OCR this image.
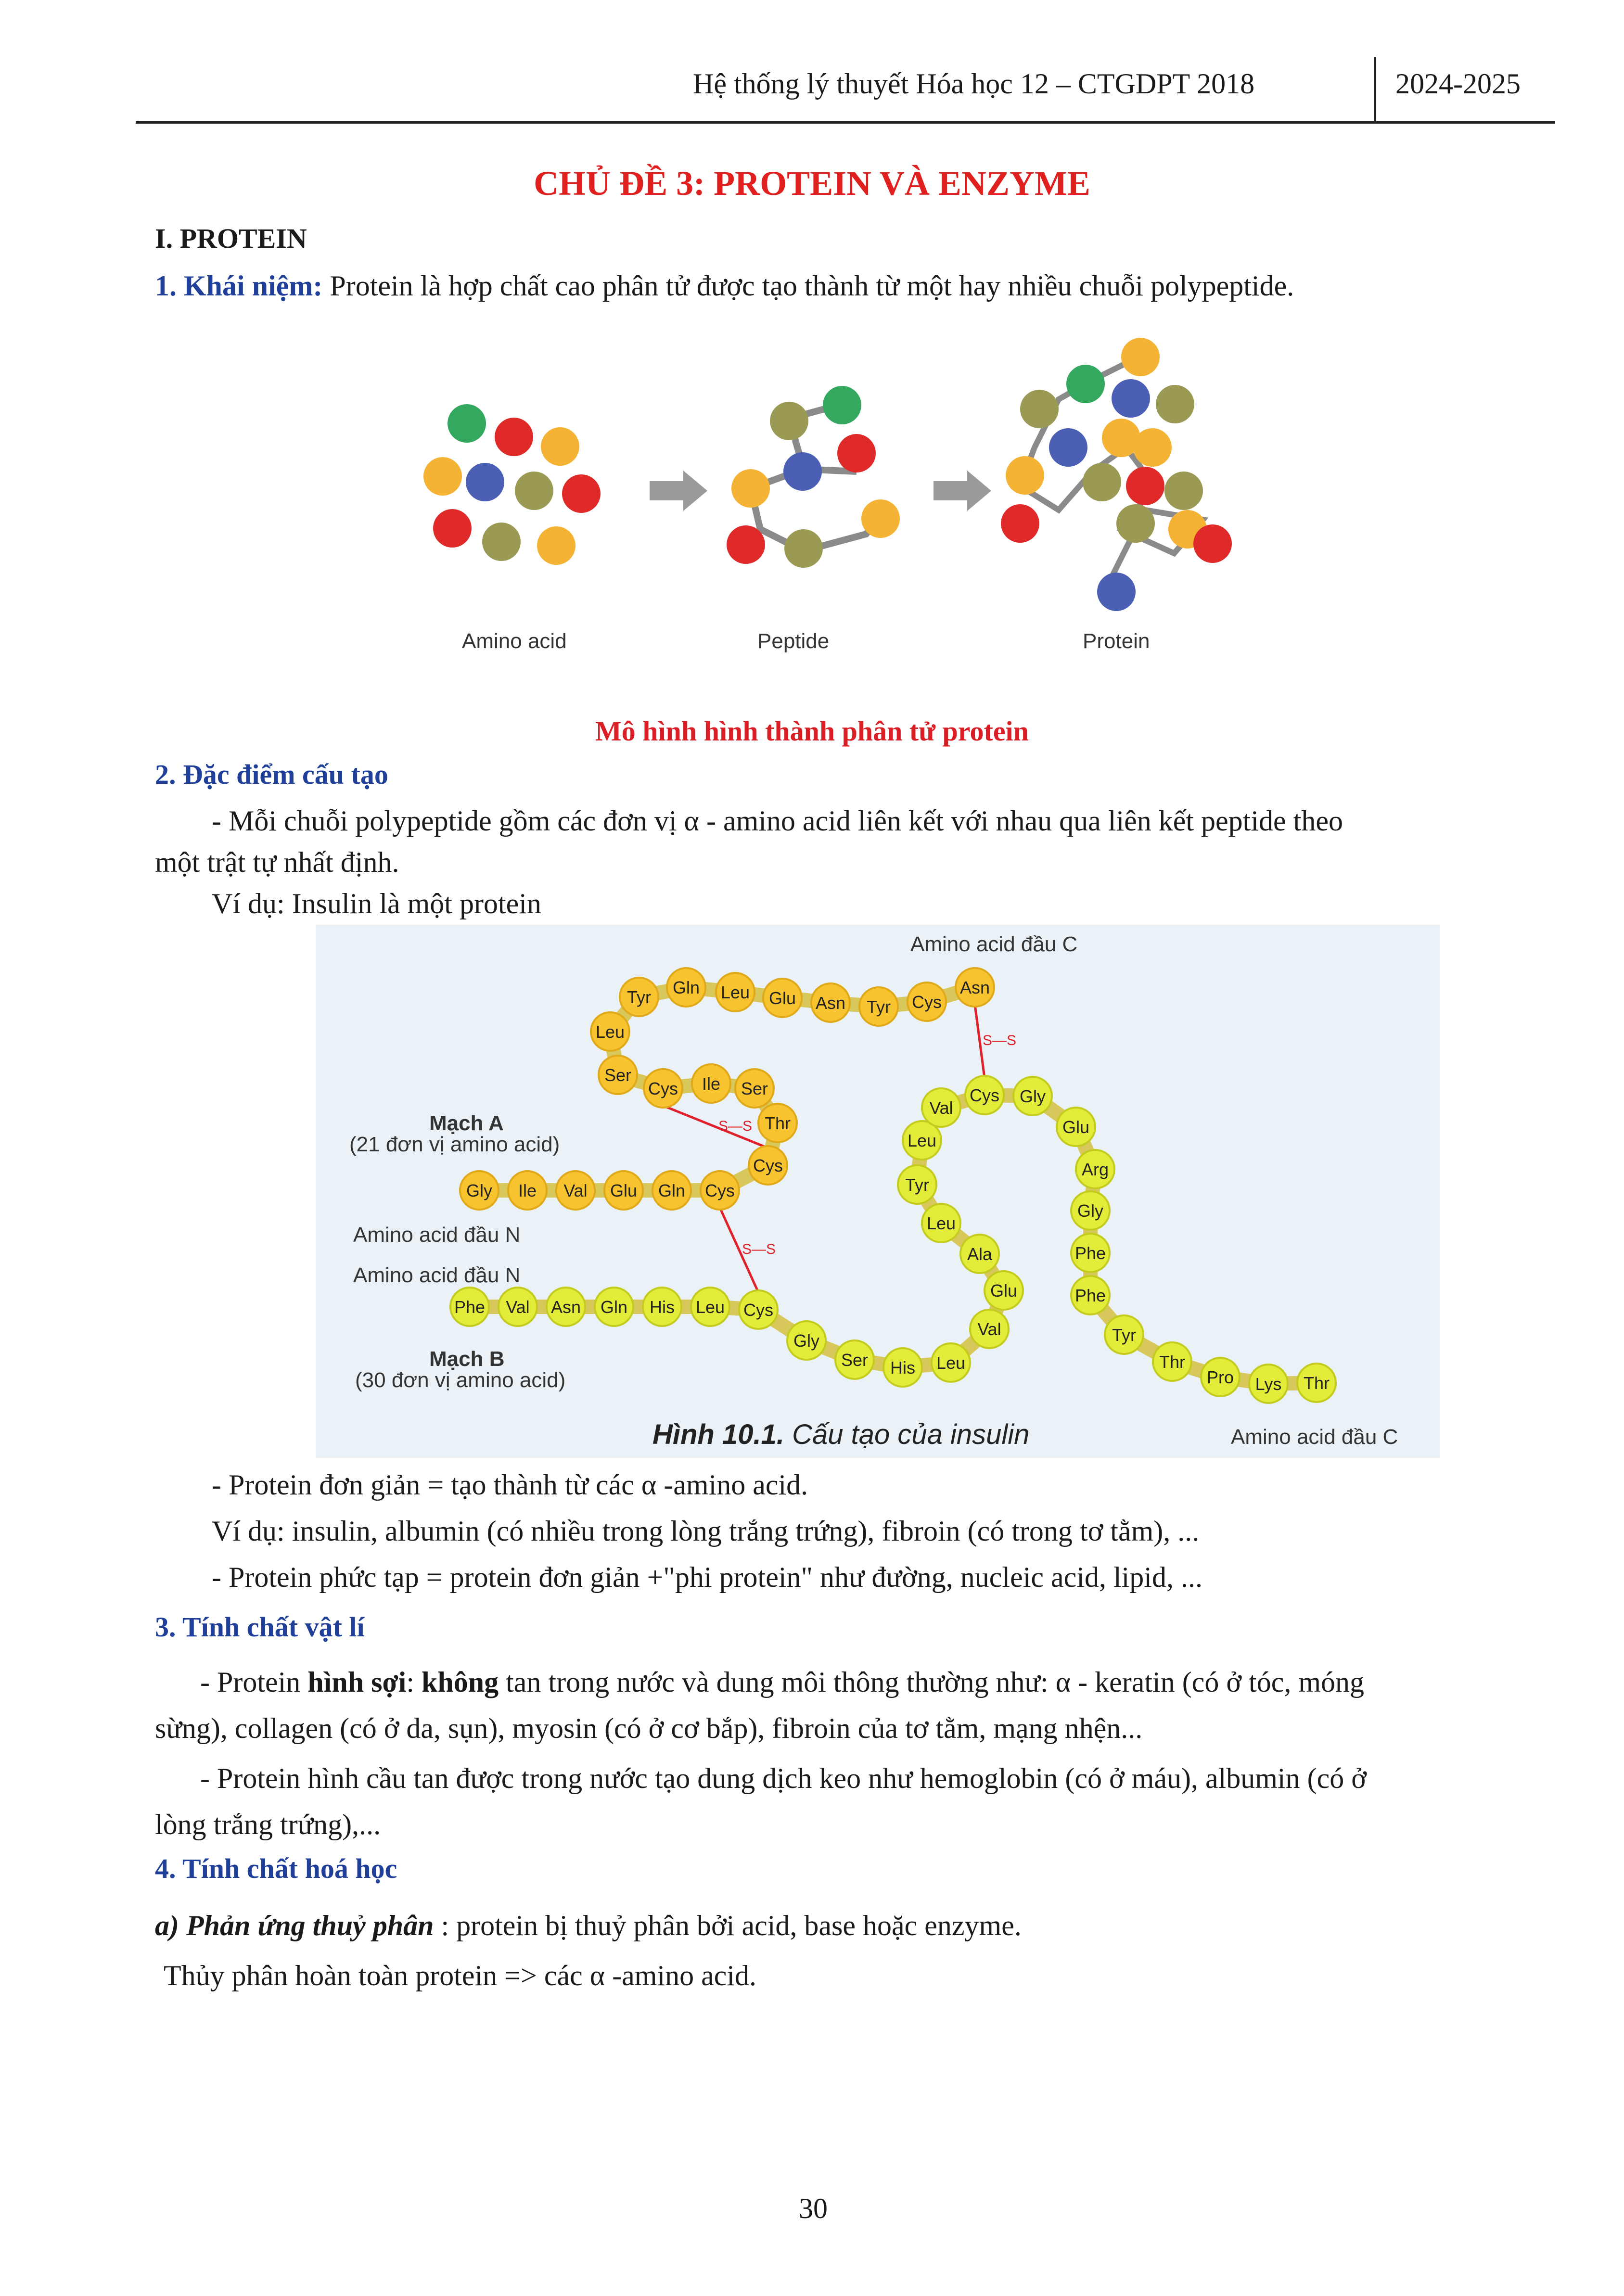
Hệ thống lý thuyết Hóa học 12 – CTGDPT 2018	2024-2025
CHỦ ĐỀ 3: PROTEIN VÀ ENZYME
I. PROTEIN
1. Khái niệm: Protein là hợp chất cao phân tử được tạo thành từ một hay nhiều chuỗi polypeptide.
Amino acid	Peptide	Protein
Mô hình hình thành phân tử protein
2. Đặc điểm cấu tạo
- Mỗi chuỗi polypeptide gồm các đơn vị α - amino acid liên kết với nhau qua liên kết peptide theo
một trật tự nhất định.
Ví dụ: Insulin là một protein
S—S
S—S
S—S
Gly Ile Val Glu Gln Cys
Cys
Thr
Ser
Ile
Cys
Ser
Leu
Tyr Gln Leu Glu Asn Tyr Cys
Asn
Phe Val Asn Gln His Leu Cys
Gly
Ser His Leu
Val
Glu
Ala
Leu
Tyr
Leu
Val
Cys Gly
Glu
Arg
Gly
Phe
Phe
Tyr
Thr
Pro Lys Thr
Mạch A
(21 đơn vị amino acid)
Amino acid đầu N
Amino acid đầu N
Mạch B
(30 đơn vị amino acid)
Amino acid đầu C
Amino acid đầu C
Hình 10.1. Cấu tạo của insulin
- Protein đơn giản = tạo thành từ các α -amino acid.
Ví dụ: insulin, albumin (có nhiều trong lòng trắng trứng), fibroin (có trong tơ tằm), ...
- Protein phức tạp = protein đơn giản +"phi protein" như đường, nucleic acid, lipid, ...
3. Tính chất vật lí
- Protein hình sợi: không tan trong nước và dung môi thông thường như: α - keratin (có ở tóc, móng
sừng), collagen (có ở da, sụn), myosin (có ở cơ bắp), fibroin của tơ tằm, mạng nhện...
- Protein hình cầu tan được trong nước tạo dung dịch keo như hemoglobin (có ở máu), albumin (có ở
lòng trắng trứng),...
4. Tính chất hoá học
a) Phản ứng thuỷ phân : protein bị thuỷ phân bởi acid, base hoặc enzyme.
Thủy phân hoàn toàn protein => các α -amino acid.
30
